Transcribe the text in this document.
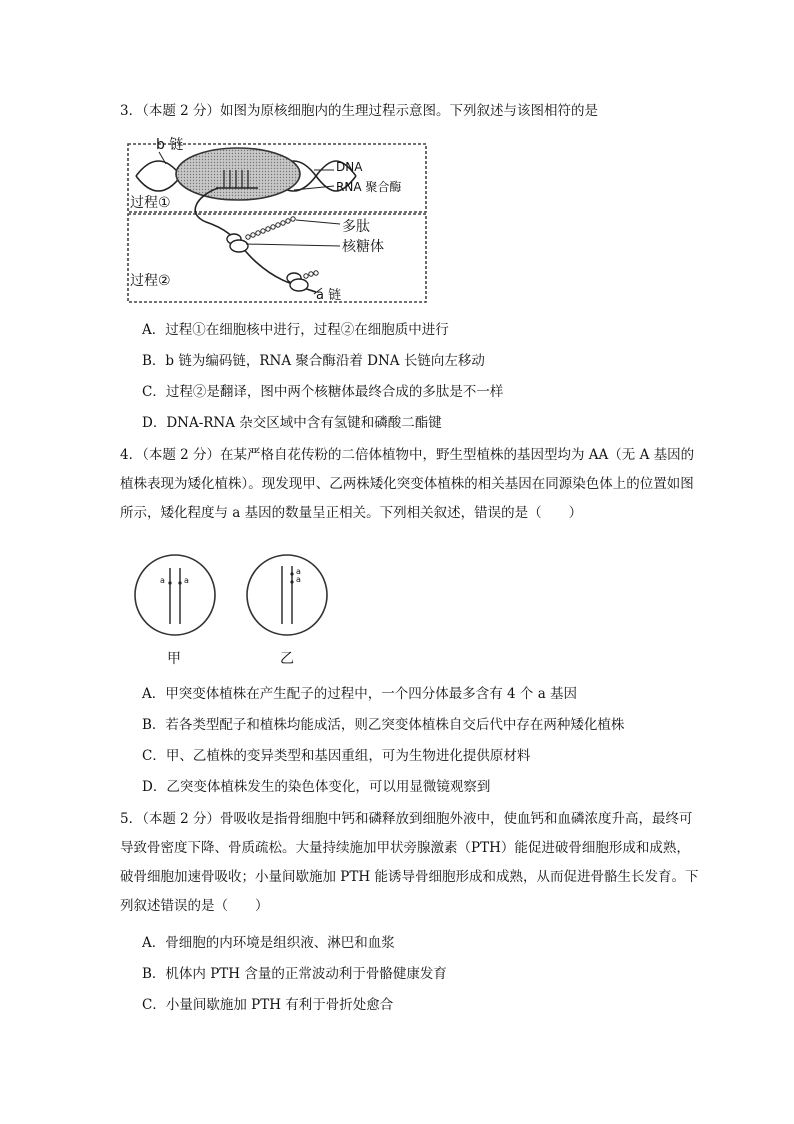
3．（本题 2 分）如图为原核细胞内的生理过程示意图。下列叙述与该图相符的是
b 链
DNA
RNA 聚合酶
过程①
多肽
核糖体
过程②
a 链
A．过程①在细胞核中进行，过程②在细胞质中进行
B．b 链为编码链，RNA 聚合酶沿着 DNA 长链向左移动
C．过程②是翻译，图中两个核糖体最终合成的多肽是不一样
D．DNA-RNA 杂交区域中含有氢键和磷酸二酯键
4．（本题 2 分）在某严格自花传粉的二倍体植物中，野生型植株的基因型均为 AA（无 A 基因的植株表现为矮化植株）。现发现甲、乙两株矮化突变体植株的相关基因在同源染色体上的位置如图所示，矮化程度与 a 基因的数量呈正相关。下列相关叙述，错误的是（　　）
a a
a
a
甲	乙
A．甲突变体植株在产生配子的过程中，一个四分体最多含有 4 个 a 基因
B．若各类型配子和植株均能成活，则乙突变体植株自交后代中存在两种矮化植株
C．甲、乙植株的变异类型和基因重组，可为生物进化提供原材料
D．乙突变体植株发生的染色体变化，可以用显微镜观察到
5．（本题 2 分）骨吸收是指骨细胞中钙和磷释放到细胞外液中，使血钙和血磷浓度升高，最终可导致骨密度下降、骨质疏松。大量持续施加甲状旁腺激素（PTH）能促进破骨细胞形成和成熟，破骨细胞加速骨吸收；小量间歇施加 PTH 能诱导骨细胞形成和成熟，从而促进骨骼生长发育。下列叙述错误的是（　　）
A．骨细胞的内环境是组织液、淋巴和血浆
B．机体内 PTH 含量的正常波动利于骨骼健康发育
C．小量间歇施加 PTH 有利于骨折处愈合
